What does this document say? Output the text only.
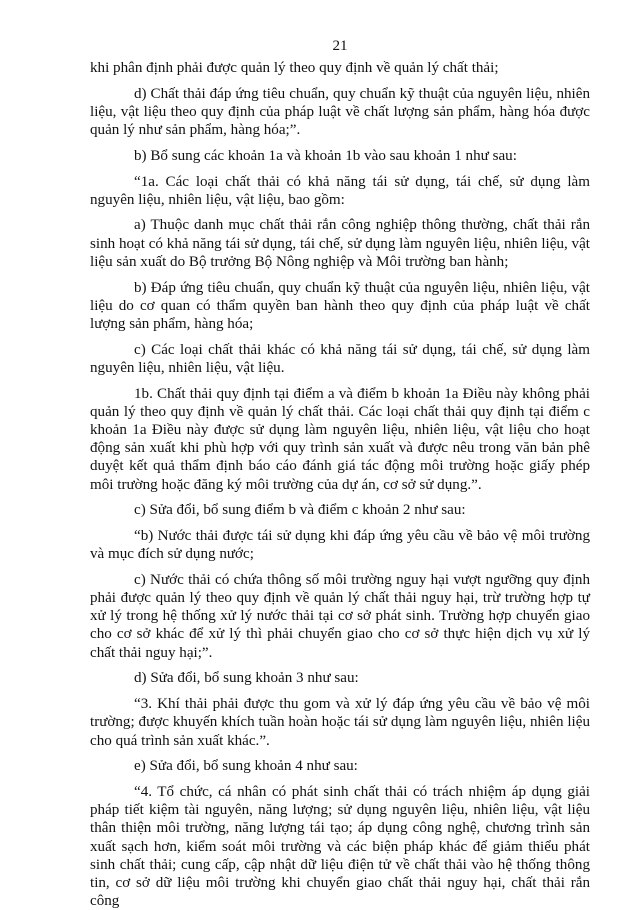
21

khi phân định phải được quản lý theo quy định về quản lý chất thải;

d) Chất thải đáp ứng tiêu chuẩn, quy chuẩn kỹ thuật của nguyên liệu, nhiên liệu, vật liệu theo quy định của pháp luật về chất lượng sản phẩm, hàng hóa được quản lý như sản phẩm, hàng hóa;”.

b) Bổ sung các khoản 1a và khoản 1b vào sau khoản 1 như sau:

“1a. Các loại chất thải có khả năng tái sử dụng, tái chế, sử dụng làm nguyên liệu, nhiên liệu, vật liệu, bao gồm:

a) Thuộc danh mục chất thải rắn công nghiệp thông thường, chất thải rắn sinh hoạt có khả năng tái sử dụng, tái chế, sử dụng làm nguyên liệu, nhiên liệu, vật liệu sản xuất do Bộ trưởng Bộ Nông nghiệp và Môi trường ban hành;

b) Đáp ứng tiêu chuẩn, quy chuẩn kỹ thuật của nguyên liệu, nhiên liệu, vật liệu do cơ quan có thẩm quyền ban hành theo quy định của pháp luật về chất lượng sản phẩm, hàng hóa;

c) Các loại chất thải khác có khả năng tái sử dụng, tái chế, sử dụng làm nguyên liệu, nhiên liệu, vật liệu.

1b. Chất thải quy định tại điểm a và điểm b khoản 1a Điều này không phải quản lý theo quy định về quản lý chất thải. Các loại chất thải quy định tại điểm c khoản 1a Điều này được sử dụng làm nguyên liệu, nhiên liệu, vật liệu cho hoạt động sản xuất khi phù hợp với quy trình sản xuất và được nêu trong văn bản phê duyệt kết quả thẩm định báo cáo đánh giá tác động môi trường hoặc giấy phép môi trường hoặc đăng ký môi trường của dự án, cơ sở sử dụng.”.

c) Sửa đổi, bổ sung điểm b và điểm c khoản 2 như sau:

“b) Nước thải được tái sử dụng khi đáp ứng yêu cầu về bảo vệ môi trường và mục đích sử dụng nước;

c) Nước thải có chứa thông số môi trường nguy hại vượt ngưỡng quy định phải được quản lý theo quy định về quản lý chất thải nguy hại, trừ trường hợp tự xử lý trong hệ thống xử lý nước thải tại cơ sở phát sinh. Trường hợp chuyển giao cho cơ sở khác để xử lý thì phải chuyển giao cho cơ sở thực hiện dịch vụ xử lý chất thải nguy hại;”.

d) Sửa đổi, bổ sung khoản 3 như sau:

“3. Khí thải phải được thu gom và xử lý đáp ứng yêu cầu về bảo vệ môi trường; được khuyến khích tuần hoàn hoặc tái sử dụng làm nguyên liệu, nhiên liệu cho quá trình sản xuất khác.”.

e) Sửa đổi, bổ sung khoản 4 như sau:

“4. Tổ chức, cá nhân có phát sinh chất thải có trách nhiệm áp dụng giải pháp tiết kiệm tài nguyên, năng lượng; sử dụng nguyên liệu, nhiên liệu, vật liệu thân thiện môi trường, năng lượng tái tạo; áp dụng công nghệ, chương trình sản xuất sạch hơn, kiểm soát môi trường và các biện pháp khác để giảm thiểu phát sinh chất thải; cung cấp, cập nhật dữ liệu điện tử về chất thải vào hệ thống thông tin, cơ sở dữ liệu môi trường khi chuyển giao chất thải nguy hại, chất thải rắn công
